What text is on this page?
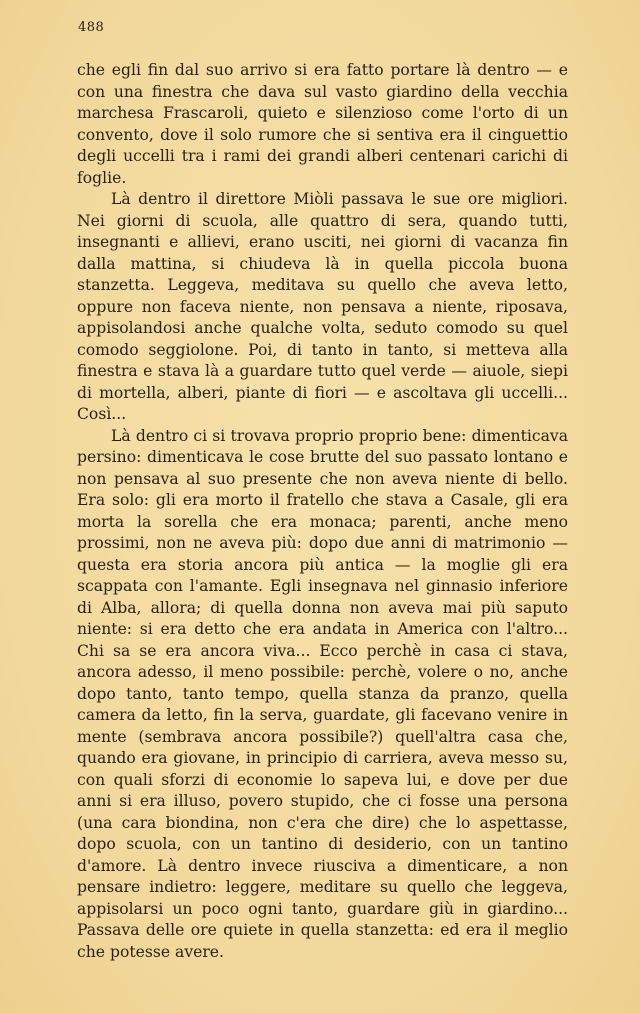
488

che egli fin dal suo arrivo si era fatto portare là dentro — e con una finestra che dava sul vasto giardino della vecchia marchesa Frascaroli, quieto e silenzioso come l'orto di un convento, dove il solo rumore che si sentiva era il cinguettio degli uccelli tra i rami dei grandi alberi centenari carichi di foglie.

Là dentro il direttore Miòli passava le sue ore migliori. Nei giorni di scuola, alle quattro di sera, quando tutti, insegnanti e allievi, erano usciti, nei giorni di vacanza fin dalla mattina, si chiudeva là in quella piccola buona stanzetta. Leggeva, meditava su quello che aveva letto, oppure non faceva niente, non pensava a niente, riposava, appisolandosi anche qualche volta, seduto comodo su quel comodo seggiolone. Poi, di tanto in tanto, si metteva alla finestra e stava là a guardare tutto quel verde — aiuole, siepi di mortella, alberi, piante di fiori — e ascoltava gli uccelli... Così...

Là dentro ci si trovava proprio proprio bene: dimenticava persino: dimenticava le cose brutte del suo passato lontano e non pensava al suo presente che non aveva niente di bello. Era solo: gli era morto il fratello che stava a Casale, gli era morta la sorella che era monaca; parenti, anche meno prossimi, non ne aveva più: dopo due anni di matrimonio — questa era storia ancora più antica — la moglie gli era scappata con l'amante. Egli insegnava nel ginnasio inferiore di Alba, allora; di quella donna non aveva mai più saputo niente: si era detto che era andata in America con l'altro... Chi sa se era ancora viva... Ecco perchè in casa ci stava, ancora adesso, il meno possibile: perchè, volere o no, anche dopo tanto, tanto tempo, quella stanza da pranzo, quella camera da letto, fin la serva, guardate, gli facevano venire in mente (sembrava ancora possibile?) quell'altra casa che, quando era giovane, in principio di carriera, aveva messo su, con quali sforzi di economie lo sapeva lui, e dove per due anni si era illuso, povero stupido, che ci fosse una persona (una cara biondina, non c'era che dire) che lo aspettasse, dopo scuola, con un tantino di desiderio, con un tantino d'amore. Là dentro invece riusciva a dimenticare, a non pensare indietro: leggere, meditare su quello che leggeva, appisolarsi un poco ogni tanto, guardare giù in giardino... Passava delle ore quiete in quella stanzetta: ed era il meglio che potesse avere.
